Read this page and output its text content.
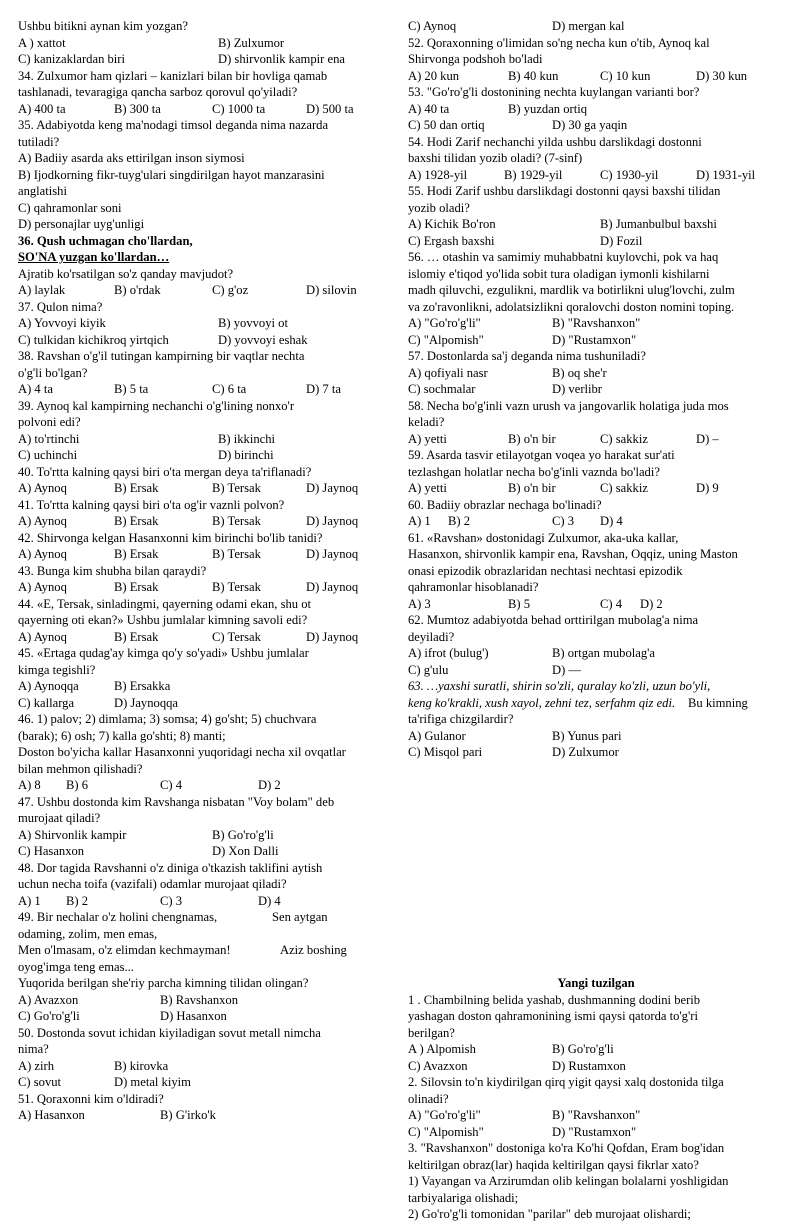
Ushbu bitikni aynan kim yozgan?
A ) xattot	B) Zulxumor
C) kanizaklardan biri	D) shirvonlik kampir ena
34. Zulxumor ham qizlari – kanizlari bilan bir hovliga qamab
tashlanadi, tevaragiga qancha sarboz qorovul qo'yiladi?
A) 400 ta	B) 300 ta	C) 1000 ta	D) 500 ta
35. Adabiyotda keng ma'nodagi timsol deganda nima nazarda
tutiladi?
A) Badiiy asarda aks ettirilgan inson siymosi
B) Ijodkorning fikr-tuyg'ulari singdirilgan hayot manzarasini
anglatishi
C) qahramonlar soni
D) personajlar uyg'unligi
36. Qush uchmagan cho'llardan,
SO'NA yuzgan ko'llardan…
Ajratib ko'rsatilgan so'z qanday mavjudot?
A) laylak	B) o'rdak	C) g'oz	D) silovin
37. Qulon nima?
A) Yovvoyi kiyik	B) yovvoyi ot
C) tulkidan kichikroq yirtqich	D) yovvoyi eshak
38. Ravshan o'g'il tutingan kampirning bir vaqtlar nechta
o'g'li bo'lgan?
A) 4 ta	B) 5 ta	C) 6 ta	D) 7 ta
39. Aynoq kal kampirning nechanchi o'g'lining nonxo'r
polvoni edi?
A) to'rtinchi	B) ikkinchi
C) uchinchi	D) birinchi
40. To'rtta kalning qaysi biri o'ta mergan deya ta'riflanadi?
A) Aynoq	B) Ersak	B) Tersak	D) Jaynoq
41. To'rtta kalning qaysi biri o'ta og'ir vaznli polvon?
A) Aynoq	B) Ersak	B) Tersak	D) Jaynoq
42. Shirvonga kelgan Hasanxonni kim birinchi bo'lib tanidi?
A) Aynoq	B) Ersak	B) Tersak	D) Jaynoq
43. Bunga kim shubha bilan qaraydi?
A) Aynoq	B) Ersak	B) Tersak	D) Jaynoq
44. «E, Tersak, sinladingmi, qayerning odami ekan, shu ot
qayerning oti ekan?» Ushbu jumlalar kimning savoli edi?
A) Aynoq	B) Ersak	C) Tersak	D) Jaynoq
45. «Ertaga qudag'ay kimga qo'y so'yadi» Ushbu jumlalar
kimga tegishli?
A) Aynoqqa	B) Ersakka
C) kallarga	D) Jaynoqqa
46. 1) palov; 2) dimlama; 3) somsa; 4) go'sht; 5) chuchvara
(barak); 6) osh; 7) kalla go'shti; 8) manti;
Doston bo'yicha kallar Hasanxonni yuqoridagi necha xil ovqatlar
bilan mehmon qilishadi?
A) 8 B) 6	C) 4	D) 2
47. Ushbu dostonda kim Ravshanga nisbatan "Voy bolam" deb
murojaat qiladi?
A) Shirvonlik kampir	B) Go'ro'g'li
C) Hasanxon	D) Xon Dalli
48. Dor tagida Ravshanni o'z diniga o'tkazish taklifini aytish
uchun necha toifa (vazifali) odamlar murojaat qiladi?
A) 1 B) 2	C) 3	D) 4
49. Bir nechalar o'z holini chengnamas,	Sen aytgan
odaming, zolim, men emas,
Men o'lmasam, o'z elimdan kechmayman!	Aziz boshing
oyog'imga teng emas...
Yuqorida berilgan she'riy parcha kimning tilidan olingan?
A) Avazxon	B) Ravshanxon
C) Go'ro'g'li	D) Hasanxon
50. Dostonda sovut ichidan kiyiladigan sovut metall nimcha
nima?
A) zirh	B) kirovka
C) sovut	D) metal kiyim
51. Qoraxonni kim o'ldiradi?
A) Hasanxon	B) G'irko'k
C) Aynoq	D) mergan kal
52. Qoraxonning o'limidan so'ng necha kun o'tib, Aynoq kal
Shirvonga podshoh bo'ladi
A) 20 kun	B) 40 kun	C) 10 kun	D) 30 kun
53. "Go'ro'g'li dostonining nechta kuylangan varianti bor?
A) 40 ta	B) yuzdan ortiq
C) 50 dan ortiq	D) 30 ga yaqin
54. Hodi Zarif nechanchi yilda ushbu darslikdagi dostonni
baxshi tilidan yozib oladi? (7-sinf)
A) 1928-yil	B) 1929-yil	C) 1930-yil	D) 1931-yil
55. Hodi Zarif ushbu darslikdagi dostonni qaysi baxshi tilidan
yozib oladi?
A) Kichik Bo'ron	B) Jumanbulbul baxshi
C) Ergash baxshi	D) Fozil
56. … otashin va samimiy muhabbatni kuylovchi, pok va haq
islomiy e'tiqod yo'lida sobit tura oladigan iymonli kishilarni
madh qiluvchi, ezgulikni, mardlik va botirlikni ulug'lovchi, zulm
va zo'ravonlikni, adolatsizlikni qoralovchi doston nomini toping.
A) "Go'ro'g'li"	B) "Ravshanxon"
C) "Alpomish"	D) "Rustamxon"
57. Dostonlarda sa'j deganda nima tushuniladi?
A) qofiyali nasr	B) oq she'r
C) sochmalar	D) verlibr
58. Necha bo'g'inli vazn urush va jangovarlik holatiga juda mos
keladi?
A) yetti	B) o'n bir	C) sakkiz	D) –
59. Asarda tasvir etilayotgan voqea yo harakat sur'ati
tezlashgan holatlar necha bo'g'inli vaznda bo'ladi?
A) yetti	B) o'n bir	C) sakkiz	D) 9
60. Badiiy obrazlar nechaga bo'linadi?
A) 1 B) 2	C) 3 D) 4
61. «Ravshan» dostonidagi Zulxumor, aka-uka kallar,
Hasanxon, shirvonlik kampir ena, Ravshan, Oqqiz, uning Maston
onasi epizodik obrazlaridan nechtasi nechtasi epizodik
qahramonlar hisoblanadi?
A) 3	B) 5	C) 4 D) 2
62. Mumtoz adabiyotda behad orttirilgan mubolag'a nima
deyiladi?
A) ifrot (bulug')	B) ortgan mubolag'a
C) g'ulu	D) —
63. …yaxshi suratli, shirin so'zli, quralay ko'zli, uzun bo'yli,
keng ko'krakli, xush xayol, zehni tez, serfahm qiz edi. Bu kimning
ta'rifiga chizgilardir?
A) Gulanor	B) Yunus pari
C) Misqol pari	D) Zulxumor
Yangi tuzilgan
1 . Chambilning belida yashab, dushmanning dodini berib
yashagan doston qahramonining ismi qaysi qatorda to'g'ri
berilgan?
A ) Alpomish	B) Go'ro'g'li
C) Avazxon	D) Rustamxon
2. Silovsin to'n kiydirilgan qirq yigit qaysi xalq dostonida tilga
olinadi?
A) "Go'ro'g'li"	B) "Ravshanxon"
C) "Alpomish"	D) "Rustamxon"
3. "Ravshanxon" dostoniga ko'ra Ko'hi Qofdan, Eram bog'idan
keltirilgan obraz(lar) haqida keltirilgan qaysi fikrlar xato?
1) Vayangan va Arzirumdan olib kelingan bolalarni yoshligidan
tarbiyalariga olishadi;
2) Go'ro'g'li tomonidan "parilar" deb murojaat olishardi;
